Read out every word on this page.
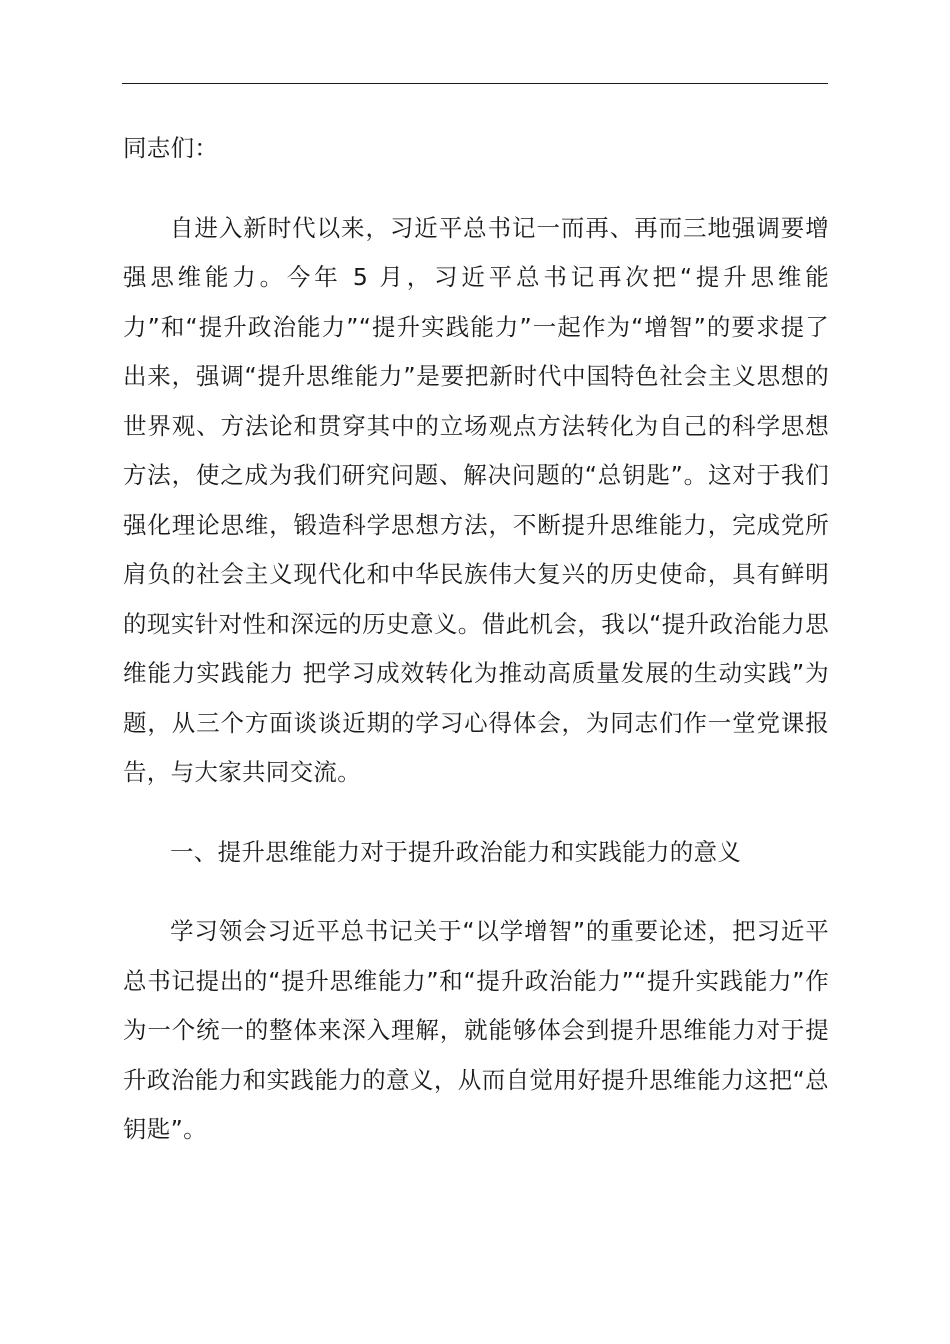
同志们：

自进入新时代以来，习近平总书记一而再、再而三地强调要增强思维能力。今年 5 月，习近平总书记再次把“提升思维能力”和“提升政治能力”“提升实践能力”一起作为“增智”的要求提了出来，强调“提升思维能力”是要把新时代中国特色社会主义思想的世界观、方法论和贯穿其中的立场观点方法转化为自己的科学思想方法，使之成为我们研究问题、解决问题的“总钥匙”。这对于我们强化理论思维，锻造科学思想方法，不断提升思维能力，完成党所肩负的社会主义现代化和中华民族伟大复兴的历史使命，具有鲜明的现实针对性和深远的历史意义。借此机会，我以“提升政治能力思维能力实践能力 把学习成效转化为推动高质量发展的生动实践”为题，从三个方面谈谈近期的学习心得体会，为同志们作一堂党课报告，与大家共同交流。

一、提升思维能力对于提升政治能力和实践能力的意义

学习领会习近平总书记关于“以学增智”的重要论述，把习近平总书记提出的“提升思维能力”和“提升政治能力”“提升实践能力”作为一个统一的整体来深入理解，就能够体会到提升思维能力对于提升政治能力和实践能力的意义，从而自觉用好提升思维能力这把“总钥匙”。
